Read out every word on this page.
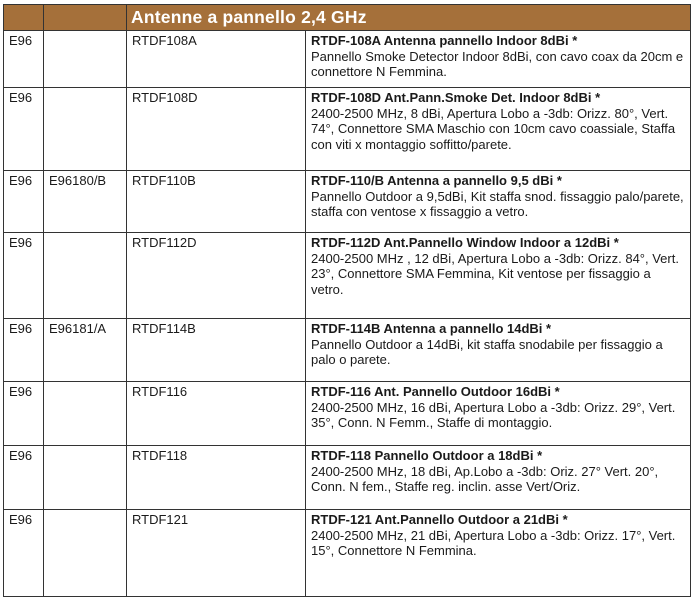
		Antenne a pannello 2,4 GHz	
E96		RTDF108A	RTDF-108A Antenna pannello Indoor 8dBi *
Pannello Smoke Detector Indoor 8dBi, con cavo coax da 20cm e connettore N Femmina.

E96		RTDF108D	RTDF-108D Ant.Pann.Smoke Det. Indoor 8dBi *
2400-2500 MHz, 8 dBi, Apertura Lobo a -3db: Orizz. 80°, Vert. 74°, Connettore SMA Maschio con 10cm cavo coassiale, Staffa con viti x montaggio soffitto/parete.

E96	E96180/B	RTDF110B	RTDF-110/B Antenna a pannello 9,5 dBi *
Pannello Outdoor a 9,5dBi, Kit staffa snod. fissaggio palo/parete, staffa con ventose x fissaggio a vetro.

E96		RTDF112D	RTDF-112D Ant.Pannello Window Indoor a 12dBi *
2400-2500 MHz , 12 dBi, Apertura Lobo a -3db: Orizz. 84°, Vert. 23°, Connettore SMA Femmina, Kit ventose per fissaggio a vetro.

E96	E96181/A	RTDF114B	RTDF-114B Antenna a pannello 14dBi *
Pannello Outdoor a 14dBi, kit staffa snodabile per fissaggio a palo o parete.

E96		RTDF116	RTDF-116 Ant. Pannello Outdoor 16dBi *
2400-2500 MHz, 16 dBi, Apertura Lobo a -3db: Orizz. 29°, Vert. 35°, Conn. N Femm., Staffe di montaggio.

E96		RTDF118	RTDF-118 Pannello Outdoor a 18dBi *
2400-2500 MHz, 18 dBi, Ap.Lobo a -3db: Oriz. 27° Vert. 20°, Conn. N fem., Staffe reg. inclin. asse Vert/Oriz.

E96		RTDF121	RTDF-121 Ant.Pannello Outdoor a 21dBi *
2400-2500 MHz, 21 dBi, Apertura Lobo a -3db: Orizz. 17°, Vert. 15°, Connettore N Femmina.
